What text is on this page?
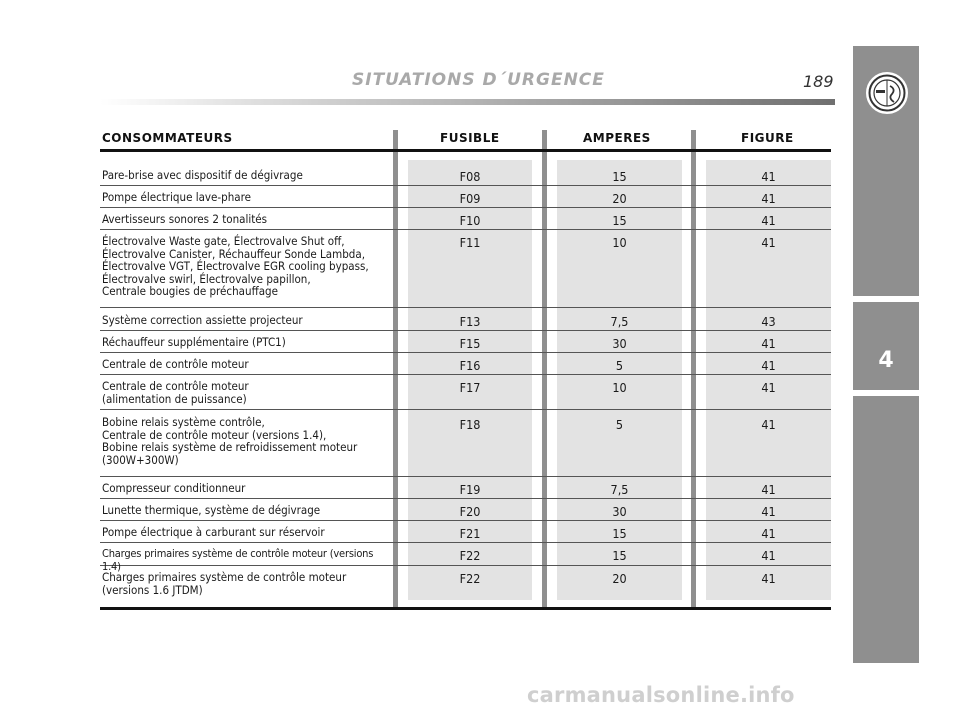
SITUATIONS D´URGENCE	189
4
CONSOMMATEURS	FUSIBLE	AMPERES	FIGURE
Pare-brise avec dispositif de dégivrage	F08	15	41
Pompe électrique lave-phare	F09	20	41
Avertisseurs sonores 2 tonalités	F10	15	41
Électrovalve Waste gate, Électrovalve Shut off,
Électrovalve Canister, Réchauffeur Sonde Lambda,
Électrovalve VGT, Électrovalve EGR cooling bypass,
Électrovalve swirl, Électrovalve papillon,
Centrale bougies de préchauffage
F11	10	41
Système correction assiette projecteur	F13	7,5	43
Réchauffeur supplémentaire (PTC1)	F15	30	41
Centrale de contrôle moteur	F16	5	41
Centrale de contrôle moteur
(alimentation de puissance)
F17	10	41
Bobine relais système contrôle,
Centrale de contrôle moteur (versions 1.4),
Bobine relais système de refroidissement moteur
(300W+300W)
F18	5	41
Compresseur conditionneur	F19	7,5	41
Lunette thermique, système de dégivrage	F20	30	41
Pompe électrique à carburant sur réservoir	F21	15	41
Charges primaires système de contrôle moteur (versions 1.4)
F22	15	41
Charges primaires système de contrôle moteur
(versions 1.6 JTDM)
F22	20	41
carmanualsonline.info
